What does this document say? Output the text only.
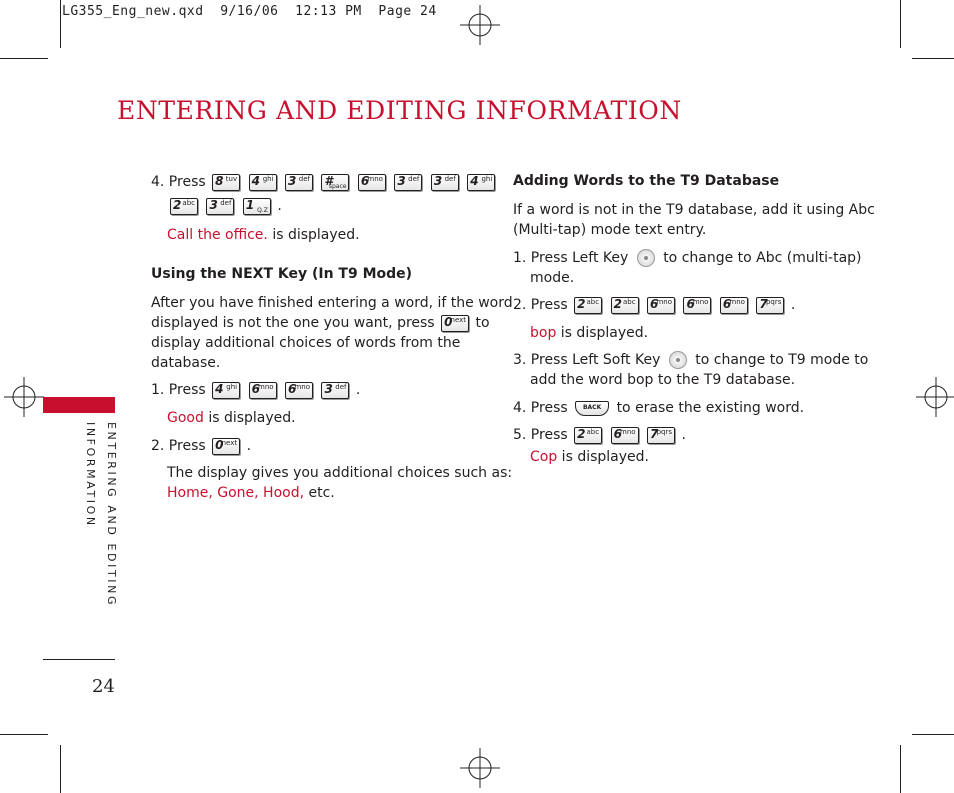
LG355_Eng_new.qxd  9/16/06  12:13 PM  Page 24
ENTERING AND EDITING INFORMATION
ENTERING AND EDITING
INFORMATION
24
4. Press 8 tuv
4 ghi
3 def
#
space
6
mno
3 def
3 def
4 ghi
2 abc
3 def
1 Q.Z .
Call the office. is displayed.
Using the NEXT Key (In T9 Mode)
After you have finished entering a word, if the word
displayed is not the one you want, press 0
next to
display additional choices of words from the
database.
1. Press 4 ghi
6
mno
6
mno
3 def .
Good is displayed.
2. Press 0
next .
The display gives you additional choices such as:
Home, Gone, Hood, etc.
Adding Words to the T9 Database
If a word is not in the T9 database, add it using Abc
(Multi-tap) mode text entry.
1. Press Left Key to change to Abc (multi-tap)
mode.
2. Press 2 abc
2 abc
6
mno
6
mno
6
mno
7
pqrs .
bop is displayed.
3. Press Left Soft Key to change to T9 mode to
add the word bop to the T9 database.
4. Press	BACK to erase the existing word.
5. Press 2 abc
6
mno
7
pqrs .
Cop is displayed.
